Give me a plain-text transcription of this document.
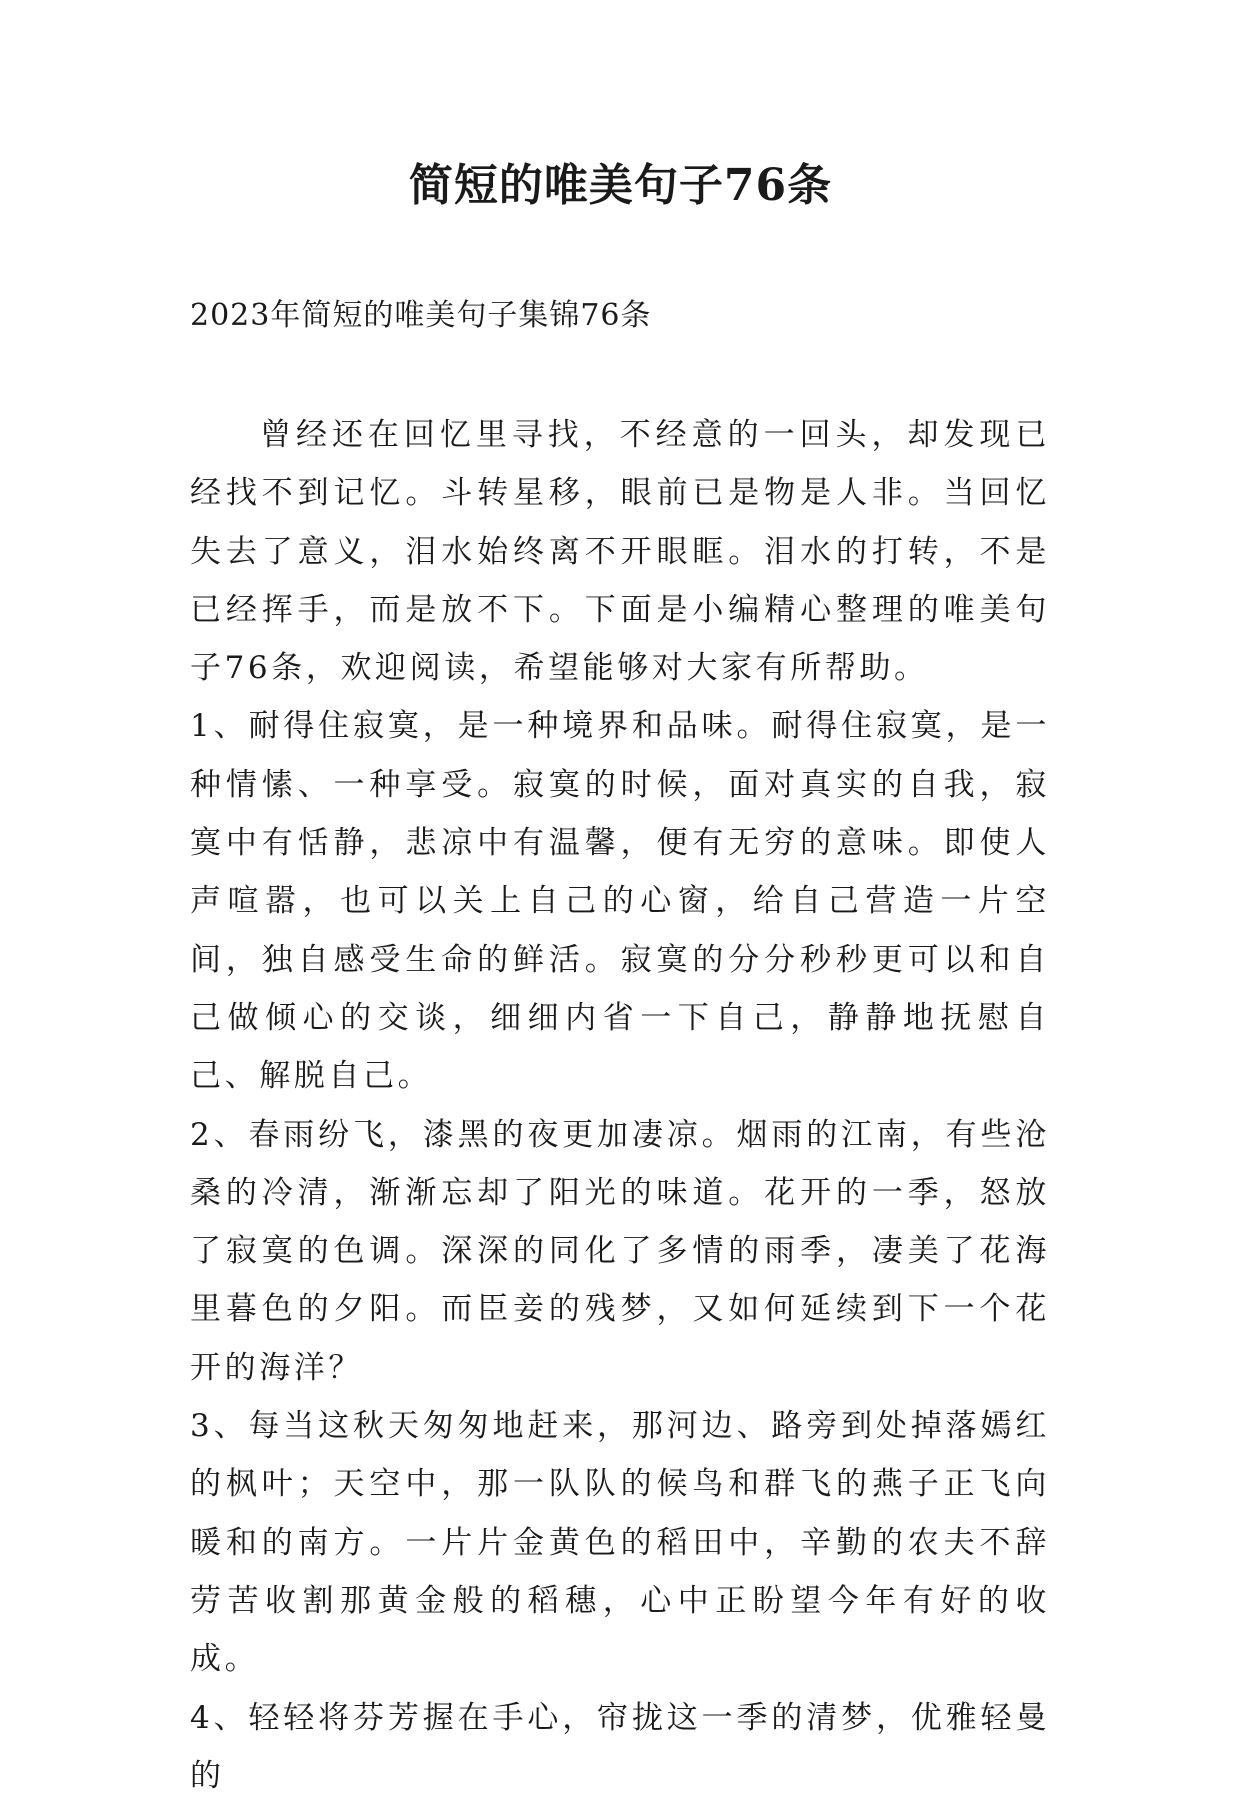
简短的唯美句子76条

2023年简短的唯美句子集锦76条

曾经还在回忆里寻找，不经意的一回头，却发现已经找不到记忆。斗转星移，眼前已是物是人非。当回忆失去了意义，泪水始终离不开眼眶。泪水的打转，不是已经挥手，而是放不下。下面是小编精心整理的唯美句子76条，欢迎阅读，希望能够对大家有所帮助。

1、耐得住寂寞，是一种境界和品味。耐得住寂寞，是一种情愫、一种享受。寂寞的时候，面对真实的自我，寂寞中有恬静，悲凉中有温馨，便有无穷的意味。即使人声喧嚣，也可以关上自己的心窗，给自己营造一片空间，独自感受生命的鲜活。寂寞的分分秒秒更可以和自己做倾心的交谈，细细内省一下自己，静静地抚慰自己、解脱自己。

2、春雨纷飞，漆黑的夜更加凄凉。烟雨的江南，有些沧桑的冷清，渐渐忘却了阳光的味道。花开的一季，怒放了寂寞的色调。深深的同化了多情的雨季，凄美了花海里暮色的夕阳。而臣妾的残梦，又如何延续到下一个花开的海洋？

3、每当这秋天匆匆地赶来，那河边、路旁到处掉落嫣红的枫叶；天空中，那一队队的候鸟和群飞的燕子正飞向暖和的南方。一片片金黄色的稻田中，辛勤的农夫不辞劳苦收割那黄金般的稻穗，心中正盼望今年有好的收成。

4、轻轻将芬芳握在手心，帘拢这一季的清梦，优雅轻曼的
